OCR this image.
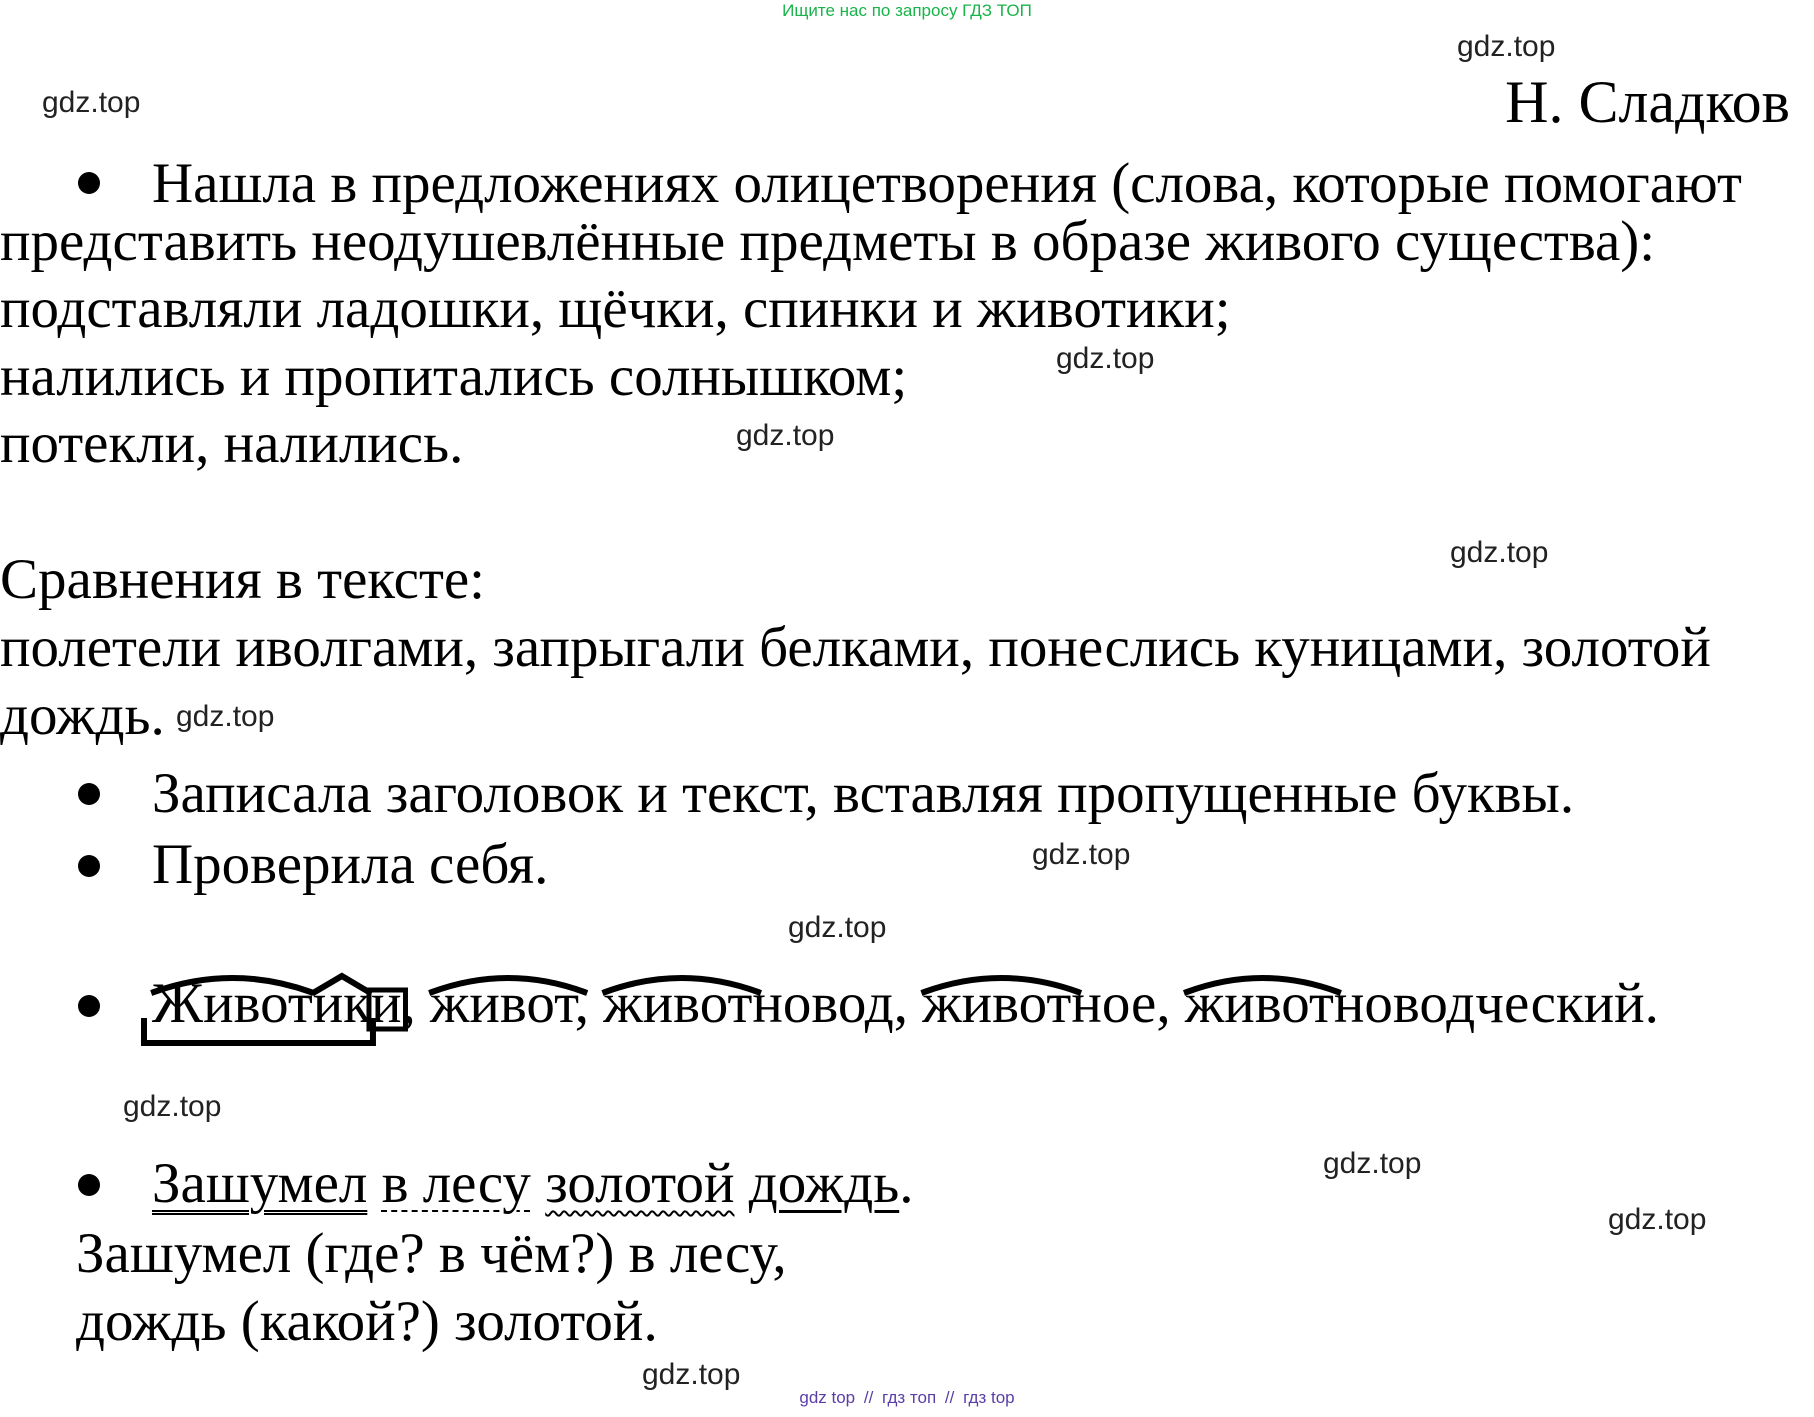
Ищите нас по запросу ГДЗ ТОП
Н. Сладков
Нашла в предложениях олицетворения (слова, которые помогают
представить неодушевлённые предметы в образе живого существа):
подставляли ладошки, щёчки, спинки и животики;
налились и пропитались солнышком;
потекли, налились.
Сравнения в тексте:
полетели иволгами, запрыгали белками, понеслись куницами, золотой
дождь.
Записала заголовок и текст, вставляя пропущенные буквы.
Проверила себя.
Животики, живот, животновод, животное, животноводческий.
Зашумел в лесу золотой дождь.
Зашумел (где? в чём?) в лесу,
дождь (какой?) золотой.
gdz.top
gdz.top
gdz.top
gdz.top
gdz.top
gdz.top
gdz.top
gdz.top
gdz.top
gdz.top
gdz.top
gdz.top
gdz top // гдз топ // гдз top
